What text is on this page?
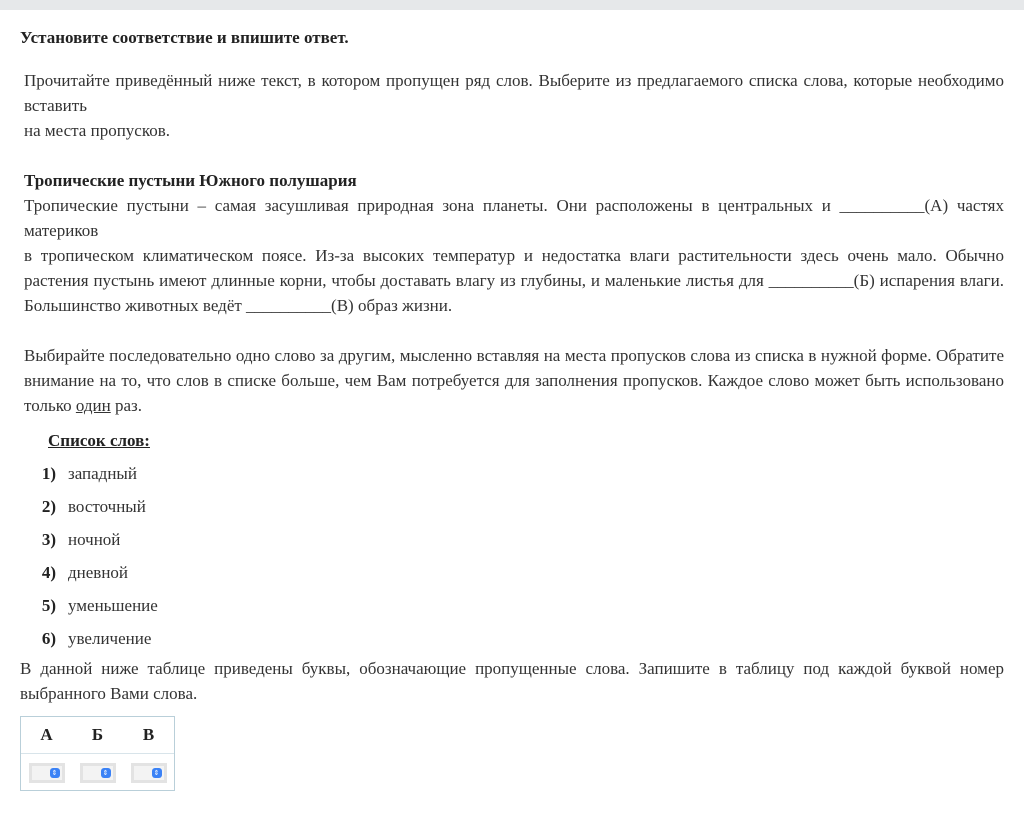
Установите соответствие и впишите ответ.

Прочитайте приведённый ниже текст, в котором пропущен ряд слов. Выберите из предлагаемого списка слова, которые необходимо вставить

на места пропусков.

Тропические пустыни Южного полушария

Тропические пустыни – самая засушливая природная зона планеты. Они расположены в центральных и __________(А) частях материков

в тропическом климатическом поясе. Из-за высоких температур и недостатка влаги растительности здесь очень мало. Обычно растения пустынь имеют длинные корни, чтобы доставать влагу из глубины, и маленькие листья для __________(Б) испарения влаги. Большинство животных ведёт __________(В) образ жизни.

Выбирайте последовательно одно слово за другим, мысленно вставляя на места пропусков слова из списка в нужной форме. Обратите внимание на то, что слов в списке больше, чем Вам потребуется для заполнения пропусков. Каждое слово может быть использовано только один раз.

Список слов:

1) западный
2) восточный
3) ночной
4) дневной
5) уменьшение
6) увеличение

В данной ниже таблице приведены буквы, обозначающие пропущенные слова. Запишите в таблицу под каждой буквой номер выбранного Вами слова.

А	Б	В

⇕	⇕	⇕
